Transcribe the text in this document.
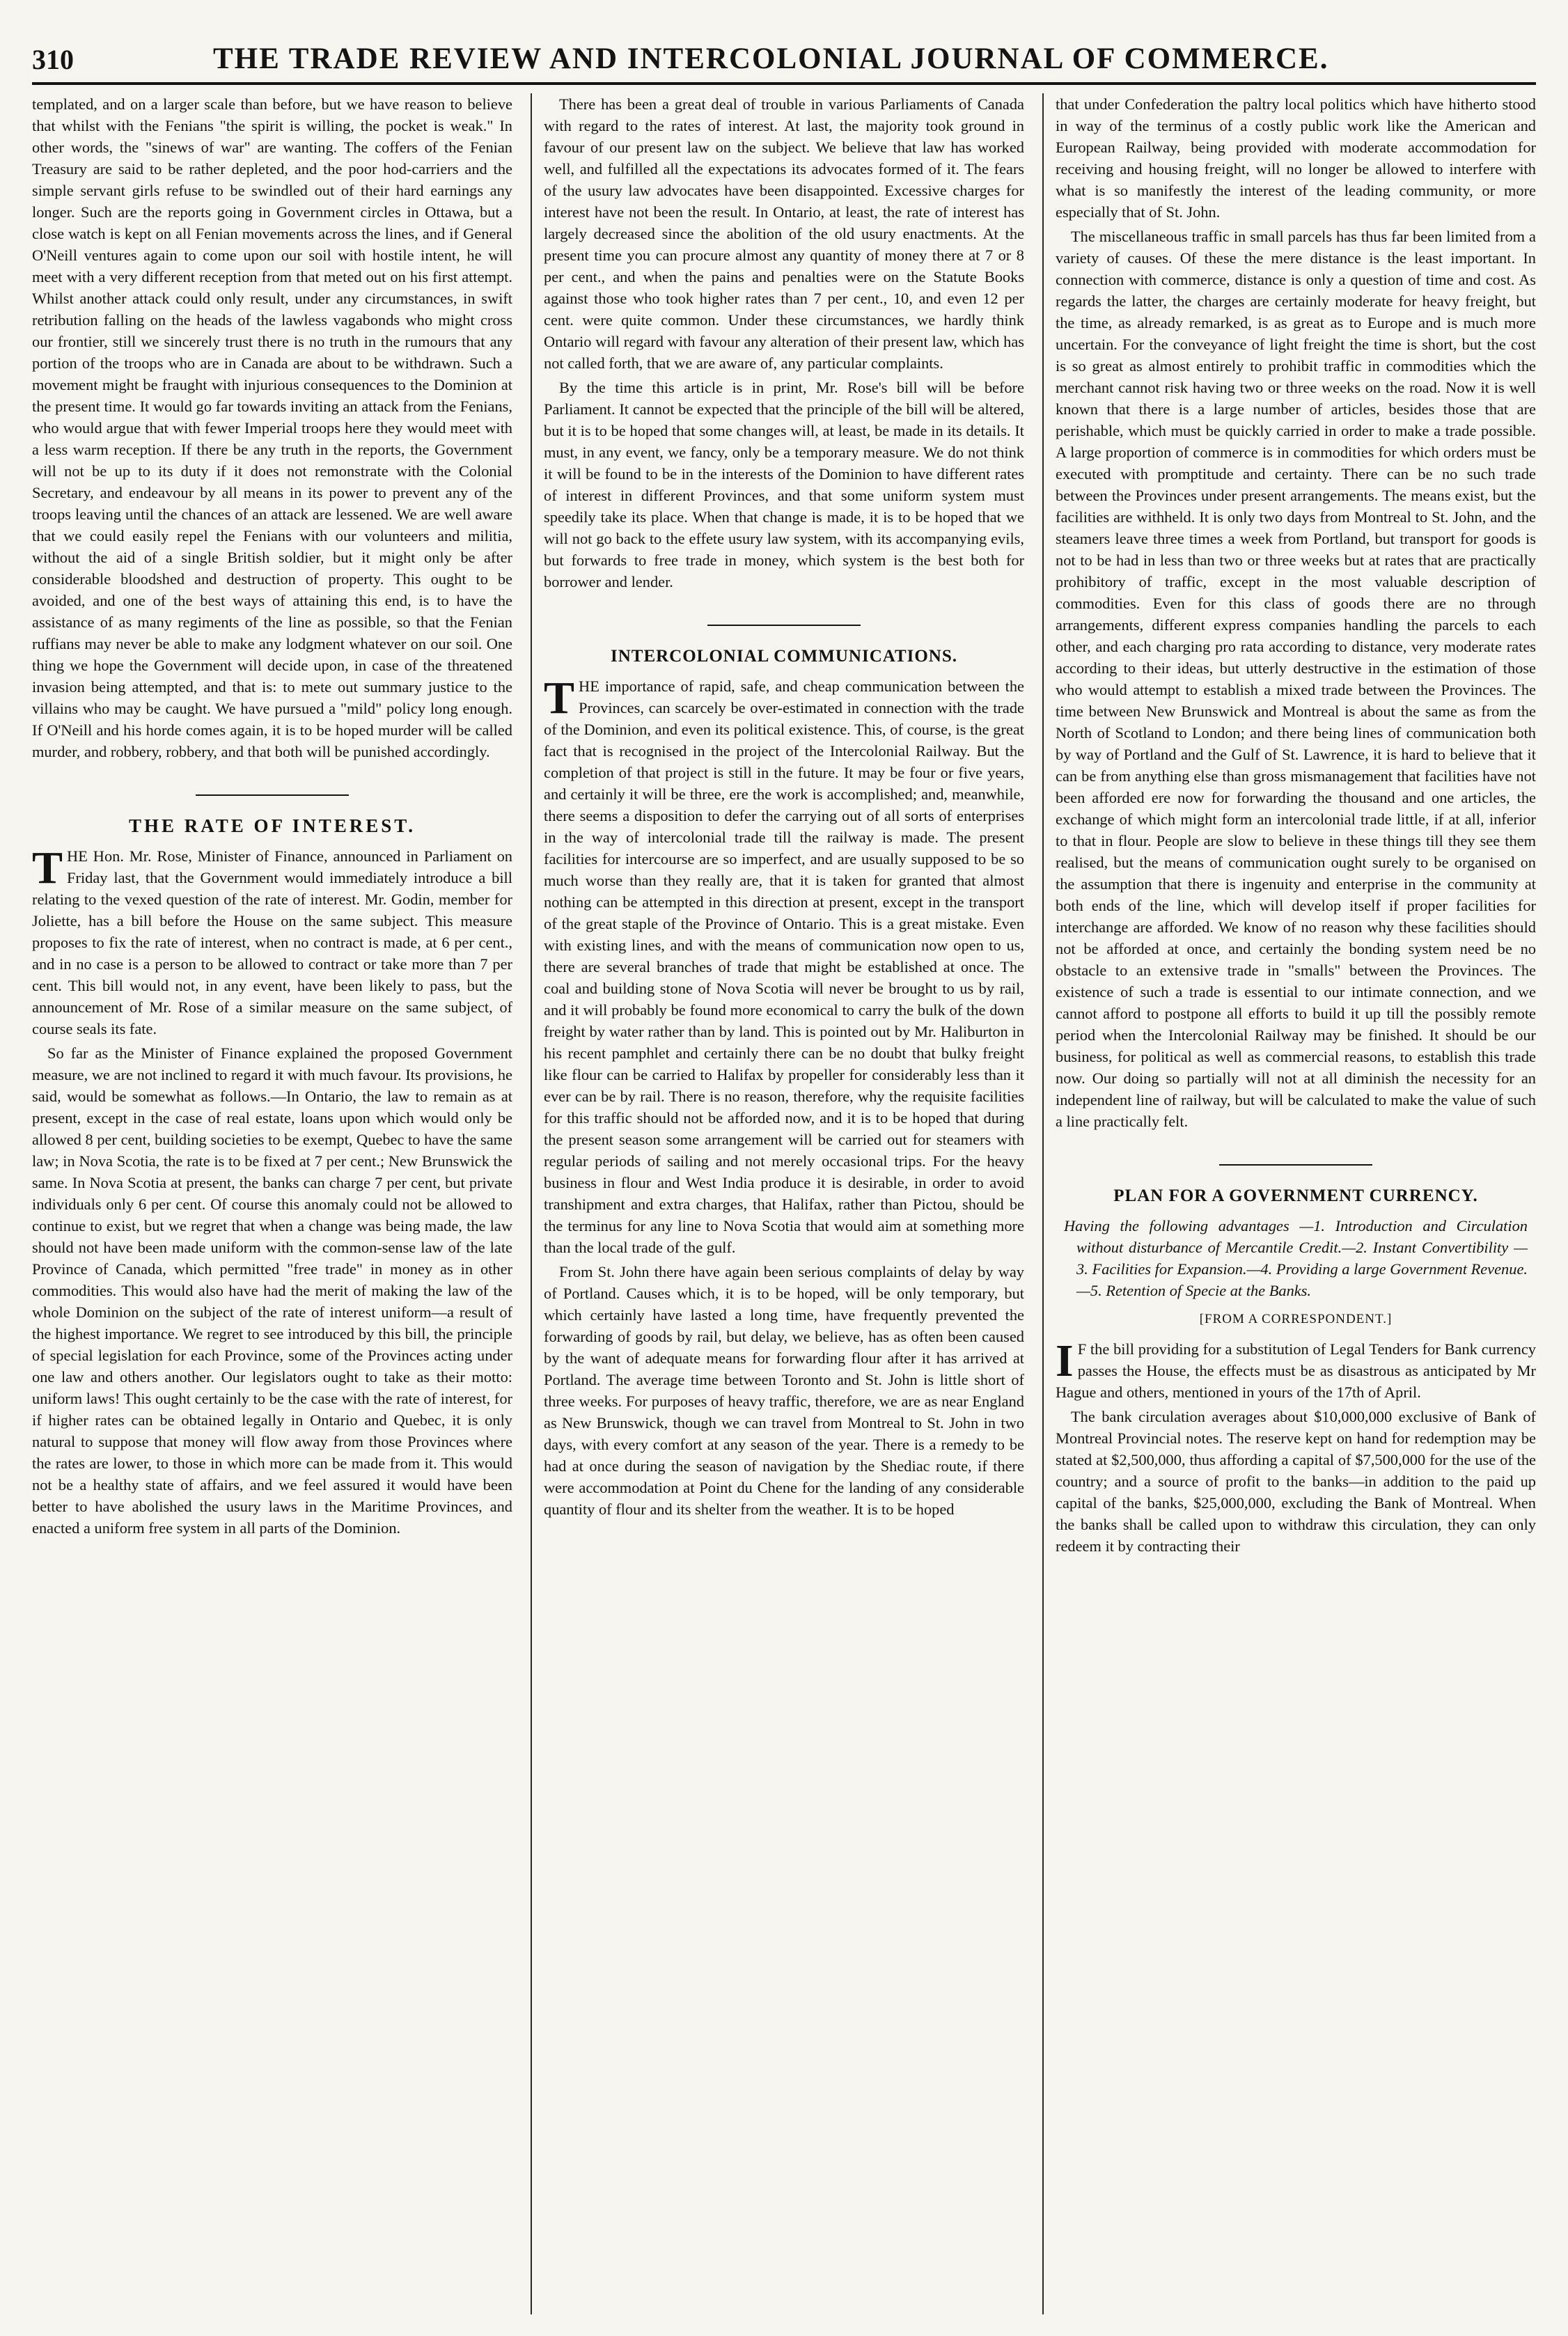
310	THE TRADE REVIEW AND INTERCOLONIAL JOURNAL OF COMMERCE.

templated, and on a larger scale than before, but we have reason to believe that whilst with the Fenians "the spirit is willing, the pocket is weak." In other words, the "sinews of war" are wanting. The coffers of the Fenian Treasury are said to be rather depleted, and the poor hod-carriers and the simple servant girls refuse to be swindled out of their hard earnings any longer. Such are the reports going in Government circles in Ottawa, but a close watch is kept on all Fenian movements across the lines, and if General O'Neill ventures again to come upon our soil with hostile intent, he will meet with a very different reception from that meted out on his first attempt. Whilst another attack could only result, under any circumstances, in swift retribution falling on the heads of the lawless vagabonds who might cross our frontier, still we sincerely trust there is no truth in the rumours that any portion of the troops who are in Canada are about to be withdrawn. Such a movement might be fraught with injurious consequences to the Dominion at the present time. It would go far towards inviting an attack from the Fenians, who would argue that with fewer Imperial troops here they would meet with a less warm reception. If there be any truth in the reports, the Government will not be up to its duty if it does not remonstrate with the Colonial Secretary, and endeavour by all means in its power to prevent any of the troops leaving until the chances of an attack are lessened. We are well aware that we could easily repel the Fenians with our volunteers and militia, without the aid of a single British soldier, but it might only be after considerable bloodshed and destruction of property. This ought to be avoided, and one of the best ways of attaining this end, is to have the assistance of as many regiments of the line as possible, so that the Fenian ruffians may never be able to make any lodgment whatever on our soil. One thing we hope the Government will decide upon, in case of the threatened invasion being attempted, and that is: to mete out summary justice to the villains who may be caught. We have pursued a "mild" policy long enough. If O'Neill and his horde comes again, it is to be hoped murder will be called murder, and robbery, robbery, and that both will be punished accordingly.

THE RATE OF INTEREST.

THE Hon. Mr. Rose, Minister of Finance, announced in Parliament on Friday last, that the Government would immediately introduce a bill relating to the vexed question of the rate of interest. Mr. Godin, member for Joliette, has a bill before the House on the same subject. This measure proposes to fix the rate of interest, when no contract is made, at 6 per cent., and in no case is a person to be allowed to contract or take more than 7 per cent. This bill would not, in any event, have been likely to pass, but the announcement of Mr. Rose of a similar measure on the same subject, of course seals its fate.

So far as the Minister of Finance explained the proposed Government measure, we are not inclined to regard it with much favour. Its provisions, he said, would be somewhat as follows.—In Ontario, the law to remain as at present, except in the case of real estate, loans upon which would only be allowed 8 per cent, building societies to be exempt, Quebec to have the same law; in Nova Scotia, the rate is to be fixed at 7 per cent.; New Brunswick the same. In Nova Scotia at present, the banks can charge 7 per cent, but private individuals only 6 per cent. Of course this anomaly could not be allowed to continue to exist, but we regret that when a change was being made, the law should not have been made uniform with the common-sense law of the late Province of Canada, which permitted "free trade" in money as in other commodities. This would also have had the merit of making the law of the whole Dominion on the subject of the rate of interest uniform—a result of the highest importance. We regret to see introduced by this bill, the principle of special legislation for each Province, some of the Provinces acting under one law and others another. Our legislators ought to take as their motto: uniform laws! This ought certainly to be the case with the rate of interest, for if higher rates can be obtained legally in Ontario and Quebec, it is only natural to suppose that money will flow away from those Provinces where the rates are lower, to those in which more can be made from it. This would not be a healthy state of affairs, and we feel assured it would have been better to have abolished the usury laws in the Maritime Provinces, and enacted a uniform free system in all parts of the Dominion.

There has been a great deal of trouble in various Parliaments of Canada with regard to the rates of interest. At last, the majority took ground in favour of our present law on the subject. We believe that law has worked well, and fulfilled all the expectations its advocates formed of it. The fears of the usury law advocates have been disappointed. Excessive charges for interest have not been the result. In Ontario, at least, the rate of interest has largely decreased since the abolition of the old usury enactments. At the present time you can procure almost any quantity of money there at 7 or 8 per cent., and when the pains and penalties were on the Statute Books against those who took higher rates than 7 per cent., 10, and even 12 per cent. were quite common. Under these circumstances, we hardly think Ontario will regard with favour any alteration of their present law, which has not called forth, that we are aware of, any particular complaints.

By the time this article is in print, Mr. Rose's bill will be before Parliament. It cannot be expected that the principle of the bill will be altered, but it is to be hoped that some changes will, at least, be made in its details. It must, in any event, we fancy, only be a temporary measure. We do not think it will be found to be in the interests of the Dominion to have different rates of interest in different Provinces, and that some uniform system must speedily take its place. When that change is made, it is to be hoped that we will not go back to the effete usury law system, with its accompanying evils, but forwards to free trade in money, which system is the best both for borrower and lender.

INTERCOLONIAL COMMUNICATIONS.

THE importance of rapid, safe, and cheap communication between the Provinces, can scarcely be over-estimated in connection with the trade of the Dominion, and even its political existence. This, of course, is the great fact that is recognised in the project of the Intercolonial Railway. But the completion of that project is still in the future. It may be four or five years, and certainly it will be three, ere the work is accomplished; and, meanwhile, there seems a disposition to defer the carrying out of all sorts of enterprises in the way of intercolonial trade till the railway is made. The present facilities for intercourse are so imperfect, and are usually supposed to be so much worse than they really are, that it is taken for granted that almost nothing can be attempted in this direction at present, except in the transport of the great staple of the Province of Ontario. This is a great mistake. Even with existing lines, and with the means of communication now open to us, there are several branches of trade that might be established at once. The coal and building stone of Nova Scotia will never be brought to us by rail, and it will probably be found more economical to carry the bulk of the down freight by water rather than by land. This is pointed out by Mr. Haliburton in his recent pamphlet and certainly there can be no doubt that bulky freight like flour can be carried to Halifax by propeller for considerably less than it ever can be by rail. There is no reason, therefore, why the requisite facilities for this traffic should not be afforded now, and it is to be hoped that during the present season some arrangement will be carried out for steamers with regular periods of sailing and not merely occasional trips. For the heavy business in flour and West India produce it is desirable, in order to avoid transhipment and extra charges, that Halifax, rather than Pictou, should be the terminus for any line to Nova Scotia that would aim at something more than the local trade of the gulf.

From St. John there have again been serious complaints of delay by way of Portland. Causes which, it is to be hoped, will be only temporary, but which certainly have lasted a long time, have frequently prevented the forwarding of goods by rail, but delay, we believe, has as often been caused by the want of adequate means for forwarding flour after it has arrived at Portland. The average time between Toronto and St. John is little short of three weeks. For purposes of heavy traffic, therefore, we are as near England as New Brunswick, though we can travel from Montreal to St. John in two days, with every comfort at any season of the year. There is a remedy to be had at once during the season of navigation by the Shediac route, if there were accommodation at Point du Chene for the landing of any considerable quantity of flour and its shelter from the weather. It is to be hoped

that under Confederation the paltry local politics which have hitherto stood in way of the terminus of a costly public work like the American and European Railway, being provided with moderate accommodation for receiving and housing freight, will no longer be allowed to interfere with what is so manifestly the interest of the leading community, or more especially that of St. John.

The miscellaneous traffic in small parcels has thus far been limited from a variety of causes. Of these the mere distance is the least important. In connection with commerce, distance is only a question of time and cost. As regards the latter, the charges are certainly moderate for heavy freight, but the time, as already remarked, is as great as to Europe and is much more uncertain. For the conveyance of light freight the time is short, but the cost is so great as almost entirely to prohibit traffic in commodities which the merchant cannot risk having two or three weeks on the road. Now it is well known that there is a large number of articles, besides those that are perishable, which must be quickly carried in order to make a trade possible. A large proportion of commerce is in commodities for which orders must be executed with promptitude and certainty. There can be no such trade between the Provinces under present arrangements. The means exist, but the facilities are withheld. It is only two days from Montreal to St. John, and the steamers leave three times a week from Portland, but transport for goods is not to be had in less than two or three weeks but at rates that are practically prohibitory of traffic, except in the most valuable description of commodities. Even for this class of goods there are no through arrangements, different express companies handling the parcels to each other, and each charging pro rata according to distance, very moderate rates according to their ideas, but utterly destructive in the estimation of those who would attempt to establish a mixed trade between the Provinces. The time between New Brunswick and Montreal is about the same as from the North of Scotland to London; and there being lines of communication both by way of Portland and the Gulf of St. Lawrence, it is hard to believe that it can be from anything else than gross mismanagement that facilities have not been afforded ere now for forwarding the thousand and one articles, the exchange of which might form an intercolonial trade little, if at all, inferior to that in flour. People are slow to believe in these things till they see them realised, but the means of communication ought surely to be organised on the assumption that there is ingenuity and enterprise in the community at both ends of the line, which will develop itself if proper facilities for interchange are afforded. We know of no reason why these facilities should not be afforded at once, and certainly the bonding system need be no obstacle to an extensive trade in "smalls" between the Provinces. The existence of such a trade is essential to our intimate connection, and we cannot afford to postpone all efforts to build it up till the possibly remote period when the Intercolonial Railway may be finished. It should be our business, for political as well as commercial reasons, to establish this trade now. Our doing so partially will not at all diminish the necessity for an independent line of railway, but will be calculated to make the value of such a line practically felt.

PLAN FOR A GOVERNMENT CURRENCY.
Having the following advantages —1. Introduction and Circulation without disturbance of Mercantile Credit.—2. Instant Convertibility —3. Facilities for Expansion.—4. Providing a large Government Revenue.—5. Retention of Specie at the Banks.
[FROM A CORRESPONDENT.]

I F the bill providing for a substitution of Legal Tenders for Bank currency passes the House, the effects must be as disastrous as anticipated by Mr Hague and others, mentioned in yours of the 17th of April.

The bank circulation averages about $10,000,000 exclusive of Bank of Montreal Provincial notes. The reserve kept on hand for redemption may be stated at $2,500,000, thus affording a capital of $7,500,000 for the use of the country; and a source of profit to the banks—in addition to the paid up capital of the banks, $25,000,000, excluding the Bank of Montreal. When the banks shall be called upon to withdraw this circulation, they can only redeem it by contracting their
